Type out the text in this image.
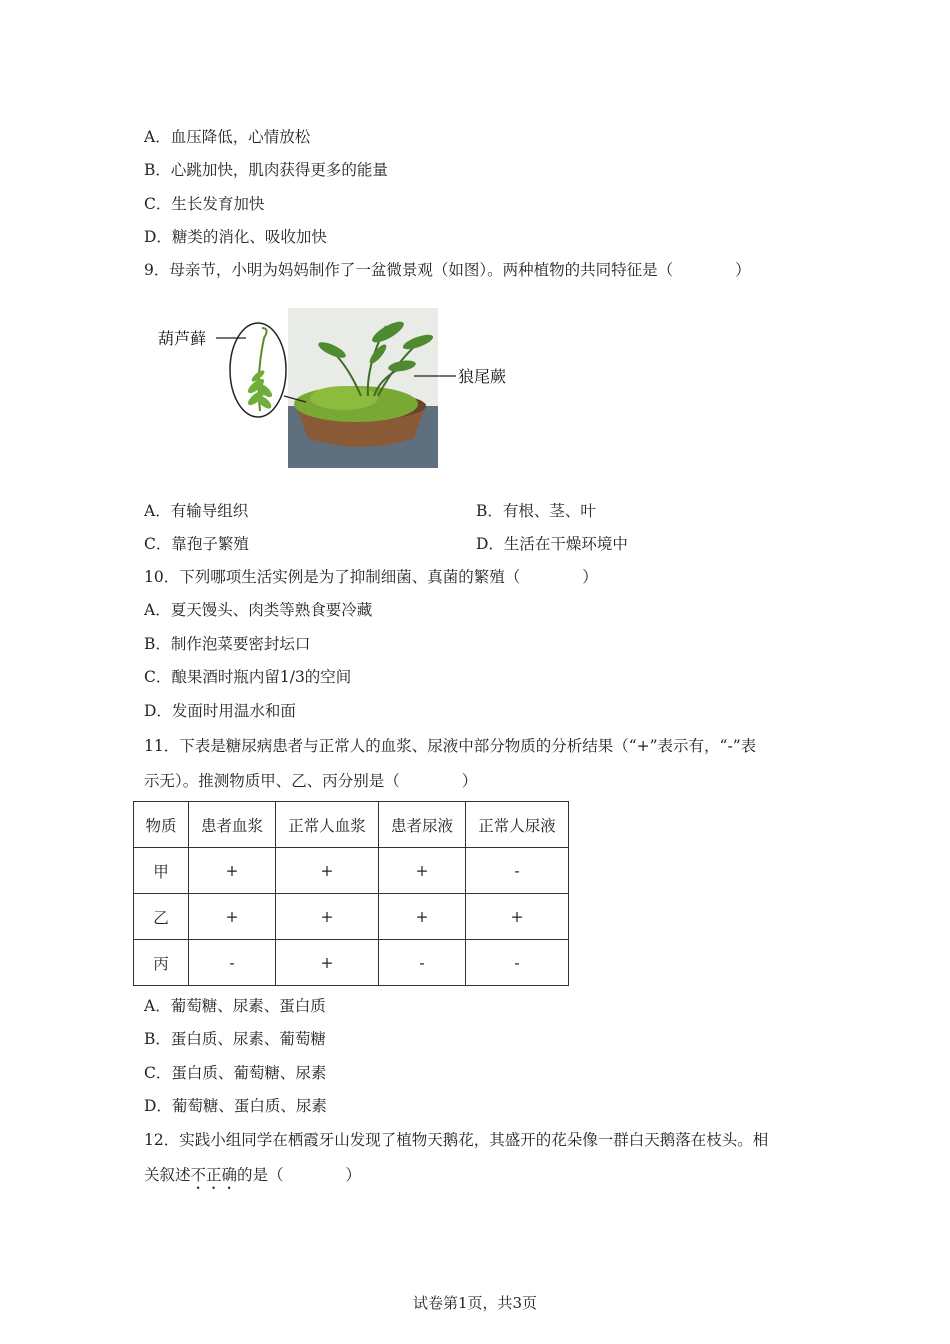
A．血压降低，心情放松
B．心跳加快，肌肉获得更多的能量
C．生长发育加快
D．糖类的消化、吸收加快
9．母亲节，小明为妈妈制作了一盆微景观（如图）。两种植物的共同特征是（　　　　）
葫芦藓
狼尾蕨
A．有输导组织	B．有根、茎、叶
C．靠孢子繁殖	D．生活在干燥环境中
10．下列哪项生活实例是为了抑制细菌、真菌的繁殖（　　　　）
A．夏天馒头、肉类等熟食要冷藏
B．制作泡菜要密封坛口
C．酿果酒时瓶内留1/3的空间
D．发面时用温水和面
11．下表是糖尿病患者与正常人的血浆、尿液中部分物质的分析结果（“+”表示有，“-”表
示无）。推测物质甲、乙、丙分别是（　　　　）
物质	患者血浆	正常人血浆	患者尿液	正常人尿液
甲	+	+	+	-
乙	+	+	+	+
丙	-	+	-	-
A．葡萄糖、尿素、蛋白质
B．蛋白质、尿素、葡萄糖
C．蛋白质、葡萄糖、尿素
D．葡萄糖、蛋白质、尿素
12．实践小组同学在栖霞牙山发现了植物天鹅花，其盛开的花朵像一群白天鹅落在枝头。相
关叙述不正确的是（　　　　）
试卷第1页，共3页
